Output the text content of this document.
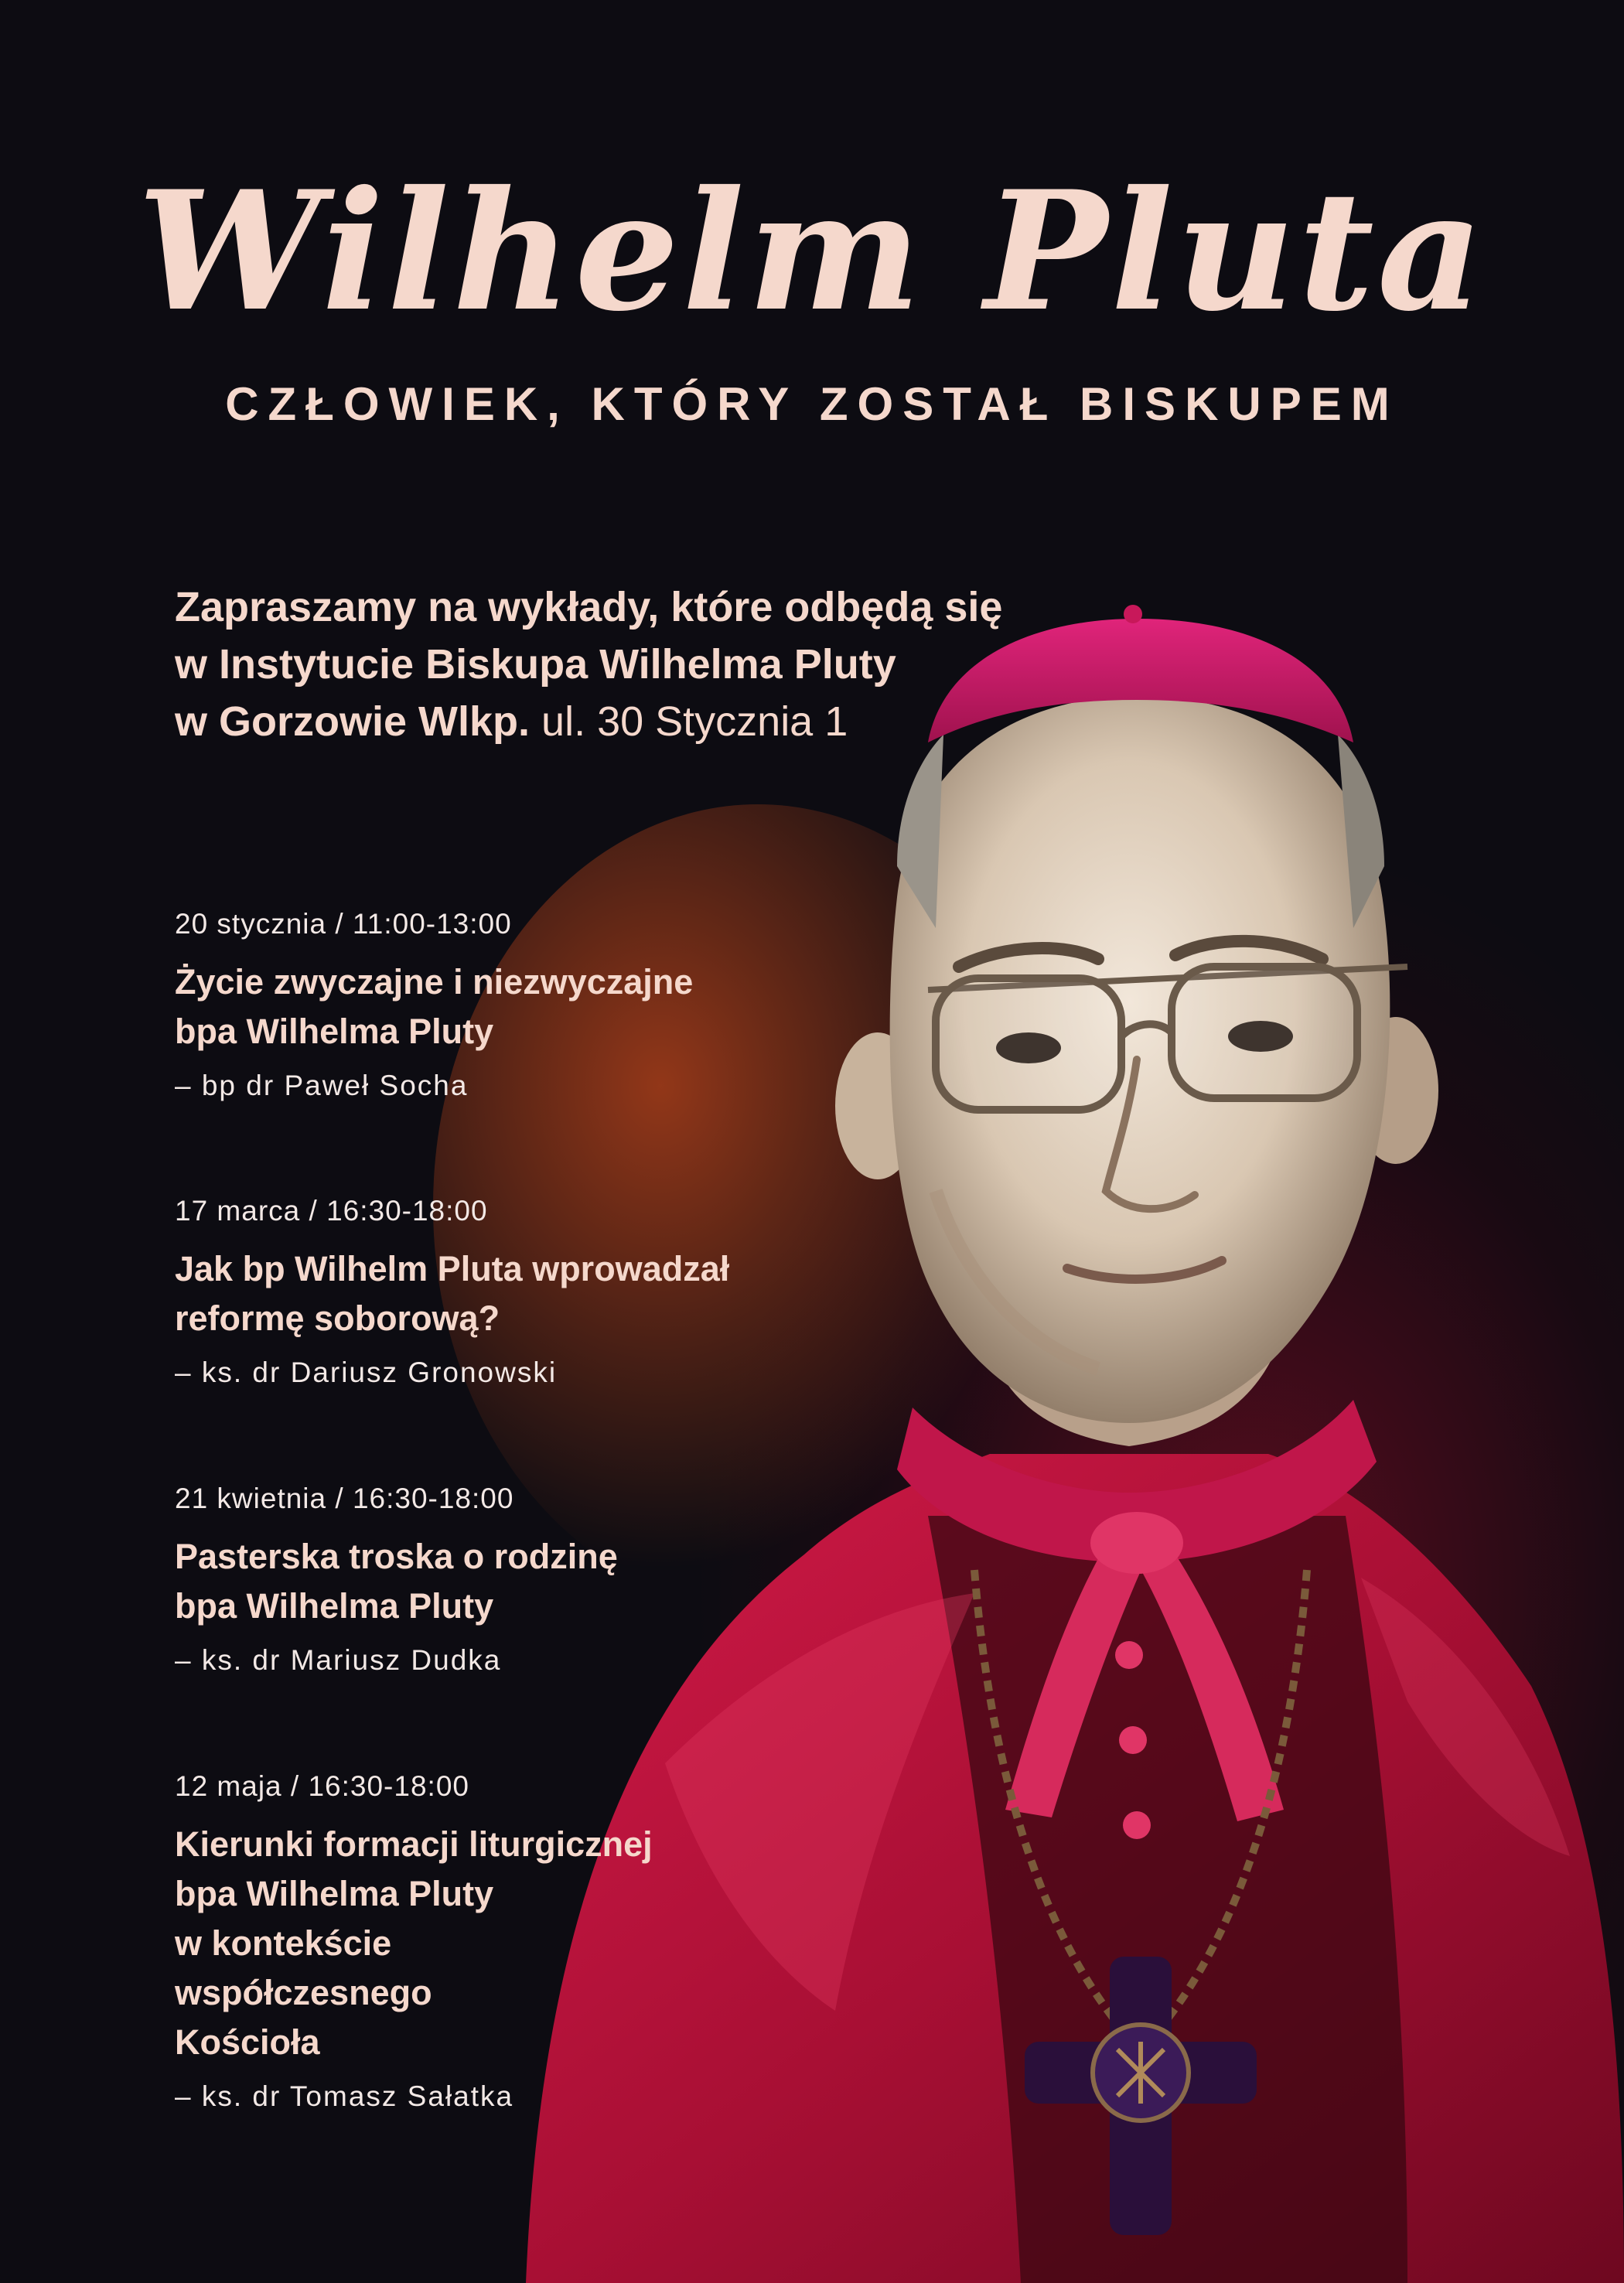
Wilhelm Pluta
CZŁOWIEK, KTÓRY ZOSTAŁ BISKUPEM
Zapraszamy na wykłady, które odbędą się
w Instytucie Biskupa Wilhelma Pluty
w Gorzowie Wlkp. ul. 30 Stycznia 1
20 stycznia / 11:00-13:00
Życie zwyczajne i niezwyczajne
bpa Wilhelma Pluty
– bp dr Paweł Socha
17 marca / 16:30-18:00
Jak bp Wilhelm Pluta wprowadzał
reformę soborową?
– ks. dr Dariusz Gronowski
21 kwietnia / 16:30-18:00
Pasterska troska o rodzinę
bpa Wilhelma Pluty
– ks. dr Mariusz Dudka
12 maja / 16:30-18:00
Kierunki formacji liturgicznej
bpa Wilhelma Pluty
w kontekście
współczesnego
Kościoła
– ks. dr Tomasz Sałatka
